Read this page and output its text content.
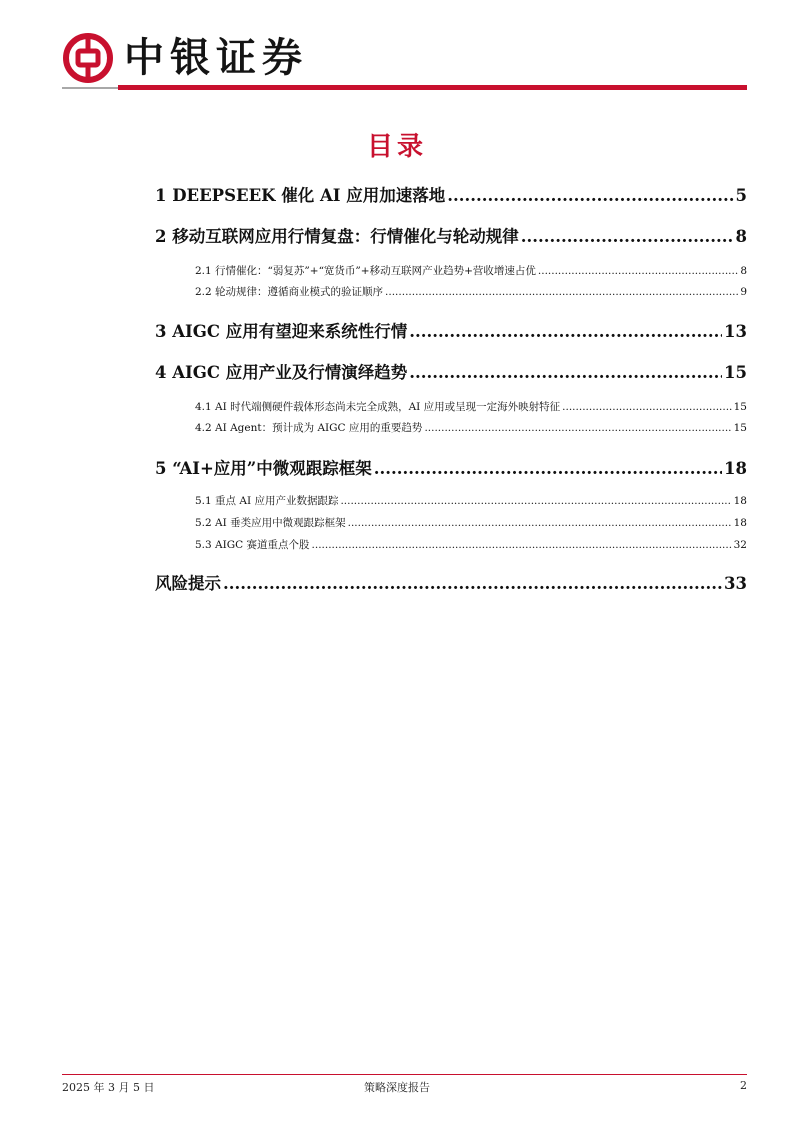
中银证券
目录
1 DEEPSEEK 催化 AI 应用加速落地 .....	5
2 移动互联网应用行情复盘：行情催化与轮动规律 .....	8
2.1 行情催化：“弱复苏”+“宽货币”+移动互联网产业趋势+营收增速占优 .....	8
2.2 轮动规律：遵循商业模式的验证顺序 .....	9
3 AIGC 应用有望迎来系统性行情 .....	13
4 AIGC 应用产业及行情演绎趋势 .....	15
4.1 AI 时代端侧硬件载体形态尚未完全成熟，AI 应用或呈现一定海外映射特征 .....	15
4.2 AI Agent：预计成为 AIGC 应用的重要趋势 .....	15
5 “AI+应用”中微观跟踪框架 .....	18
5.1 重点 AI 应用产业数据跟踪 .....	18
5.2 AI 垂类应用中微观跟踪框架 .....	18
5.3 AIGC 赛道重点个股 .....	32
风险提示 .....	33
2025 年 3 月 5 日	策略深度报告	2
